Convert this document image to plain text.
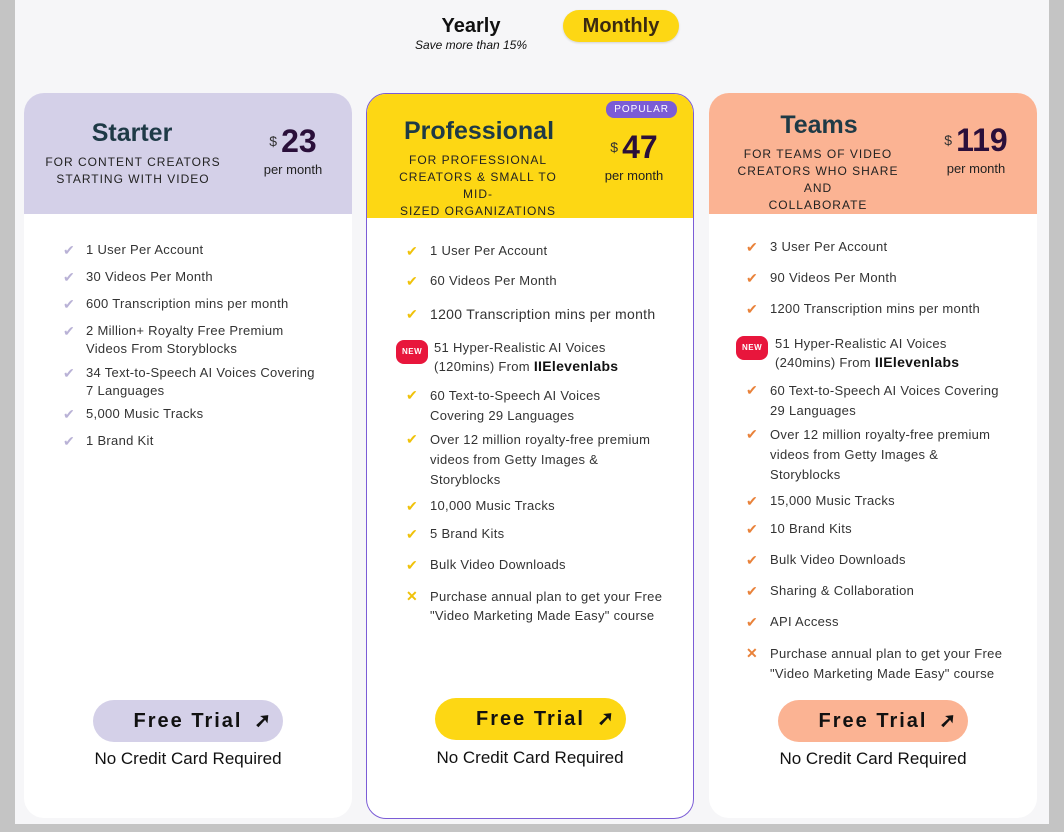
Yearly
Save more than 15%
Monthly
Starter
FOR CONTENT CREATORS
STARTING WITH VIDEO
$ 23
per month
✔ 1 User Per Account
✔ 30 Videos Per Month
✔ 600 Transcription mins per month
✔ 2 Million+ Royalty Free Premium
Videos From Storyblocks
✔ 34 Text-to-Speech AI Voices Covering
7 Languages
✔ 5,000 Music Tracks
✔ 1 Brand Kit
Free Trial ➚
No Credit Card Required
POPULAR
Professional
FOR PROFESSIONAL
CREATORS & SMALL TO MID-
SIZED ORGANIZATIONS
$ 47
per month
✔ 1 User Per Account
✔ 60 Videos Per Month
✔ 1200 Transcription mins per month
NEW 51 Hyper-Realistic AI Voices
(120mins) From IIElevenlabs
✔ 60 Text-to-Speech AI Voices
Covering 29 Languages
✔ Over 12 million royalty-free premium
videos from Getty Images &
Storyblocks
✔ 10,000 Music Tracks
✔ 5 Brand Kits
✔ Bulk Video Downloads
✕ Purchase annual plan to get your Free
"Video Marketing Made Easy" course
Free Trial ➚
No Credit Card Required
Teams
FOR TEAMS OF VIDEO
CREATORS WHO SHARE AND
COLLABORATE
$ 119
per month
✔ 3 User Per Account
✔ 90 Videos Per Month
✔ 1200 Transcription mins per month
NEW 51 Hyper-Realistic AI Voices
(240mins) From IIElevenlabs
✔ 60 Text-to-Speech AI Voices Covering
29 Languages
✔ Over 12 million royalty-free premium
videos from Getty Images &
Storyblocks
✔ 15,000 Music Tracks
✔ 10 Brand Kits
✔ Bulk Video Downloads
✔ Sharing & Collaboration
✔ API Access
✕ Purchase annual plan to get your Free
"Video Marketing Made Easy" course
Free Trial ➚
No Credit Card Required
